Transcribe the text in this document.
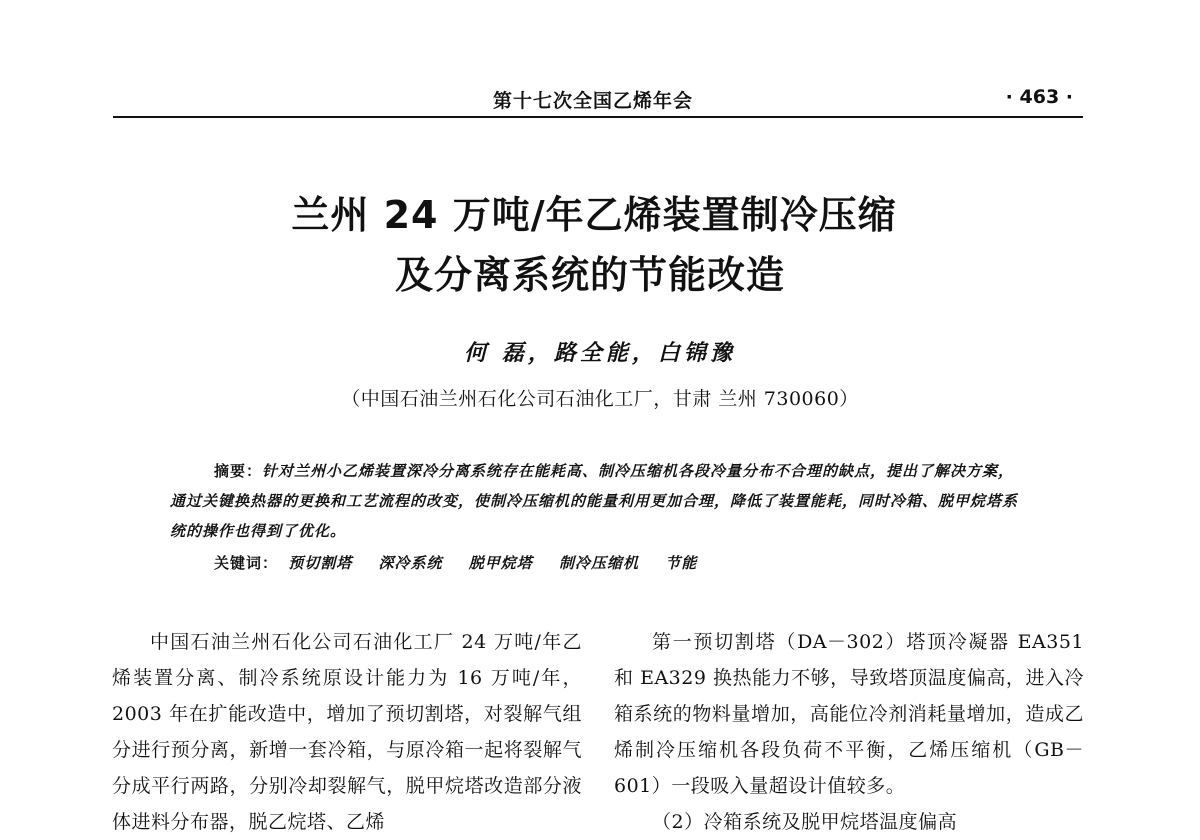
第十七次全国乙烯年会	· 463 ·
兰州 24 万吨/年乙烯装置制冷压缩
及分离系统的节能改造
何 磊，路全能，白锦豫
（中国石油兰州石化公司石油化工厂，甘肃 兰州 730060）
摘要：针对兰州小乙烯装置深冷分离系统存在能耗高、制冷压缩机各段冷量分布不合理的缺点，提出了解决方案，通过关键换热器的更换和工艺流程的改变，使制冷压缩机的能量利用更加合理，降低了装置能耗，同时冷箱、脱甲烷塔系统的操作也得到了优化。
关键词： 预切割塔 深冷系统 脱甲烷塔 制冷压缩机 节能

中国石油兰州石化公司石油化工厂 24 万吨/年乙烯装置分离、制冷系统原设计能力为 16 万吨/年，2003 年在扩能改造中，增加了预切割塔，对裂解气组分进行预分离，新增一套冷箱，与原冷箱一起将裂解气分成平行两路，分别冷却裂解气，脱甲烷塔改造部分液体进料分布器，脱乙烷塔、乙烯

第一预切割塔（DA－302）塔顶冷凝器 EA351 和 EA329 换热能力不够，导致塔顶温度偏高，进入冷箱系统的物料量增加，高能位冷剂消耗量增加，造成乙烯制冷压缩机各段负荷不平衡，乙烯压缩机（GB－601）一段吸入量超设计值较多。

（2）冷箱系统及脱甲烷塔温度偏高
